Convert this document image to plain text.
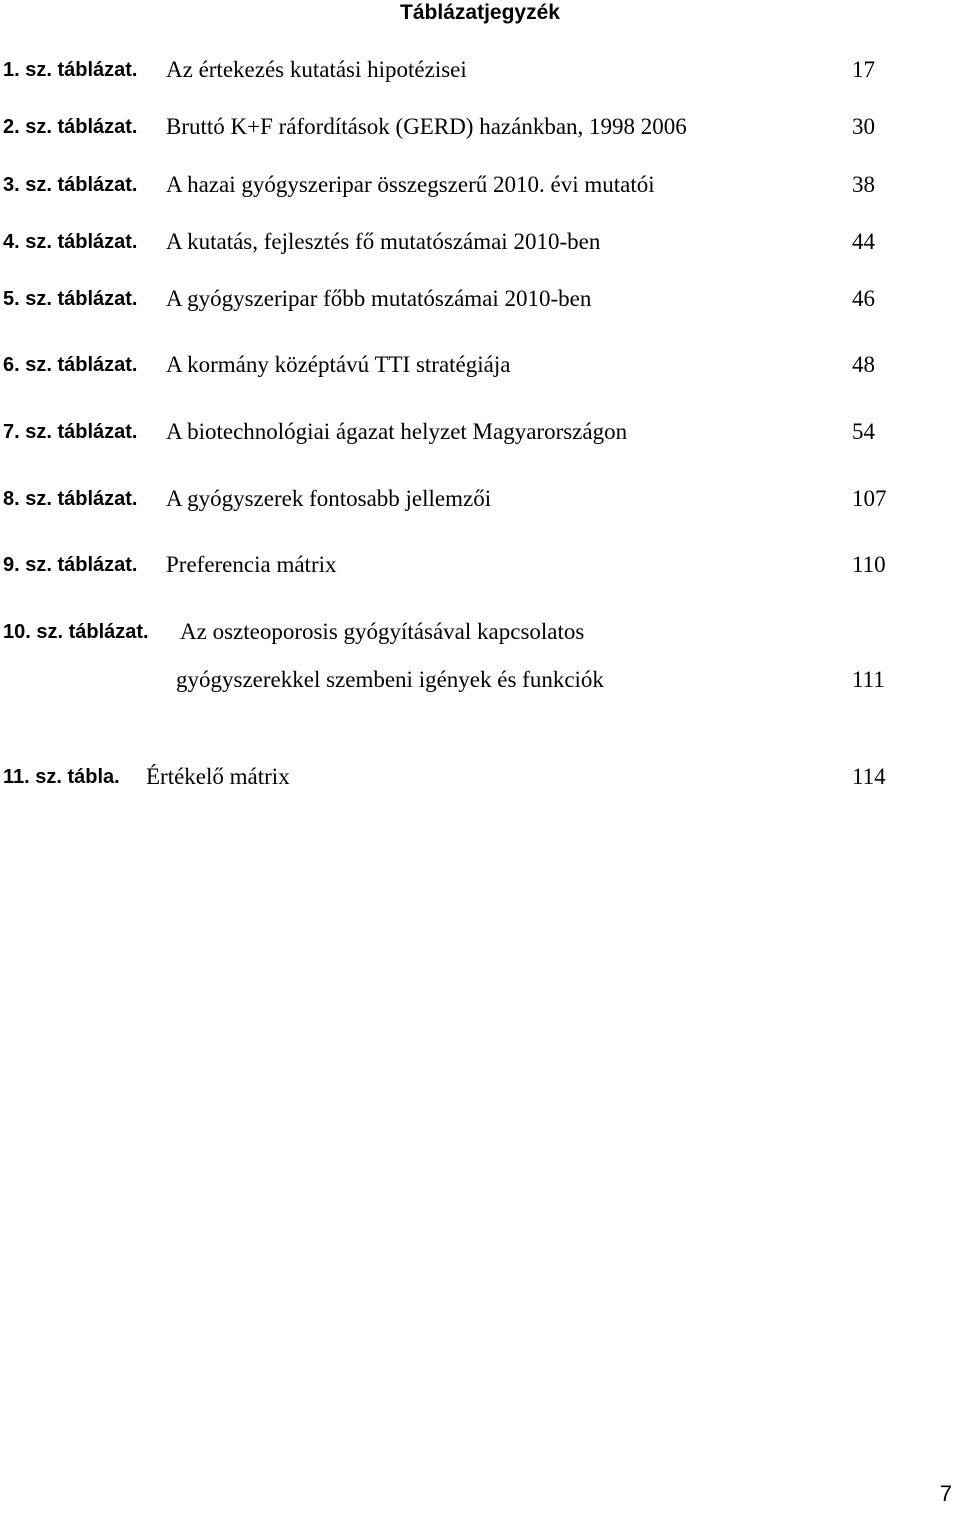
Táblázatjegyzék
1. sz. táblázat. Az értekezés kutatási hipotézisei	17
2. sz. táblázat. Bruttó K+F ráfordítások (GERD) hazánkban, 1998 2006	30
3. sz. táblázat. A hazai gyógyszeripar összegszerű 2010. évi mutatói	38
4. sz. táblázat. A kutatás, fejlesztés fő mutatószámai 2010-ben	44
5. sz. táblázat. A gyógyszeripar főbb mutatószámai 2010-ben	46
6. sz. táblázat. A kormány középtávú TTI stratégiája	48
7. sz. táblázat. A biotechnológiai ágazat helyzet Magyarországon	54
8. sz. táblázat. A gyógyszerek fontosabb jellemzői	107
9. sz. táblázat. Preferencia mátrix	110
10. sz. táblázat. Az oszteoporosis gyógyításával kapcsolatos
gyógyszerekkel szembeni igények és funkciók	111
11. sz. tábla. Értékelő mátrix	114
7
